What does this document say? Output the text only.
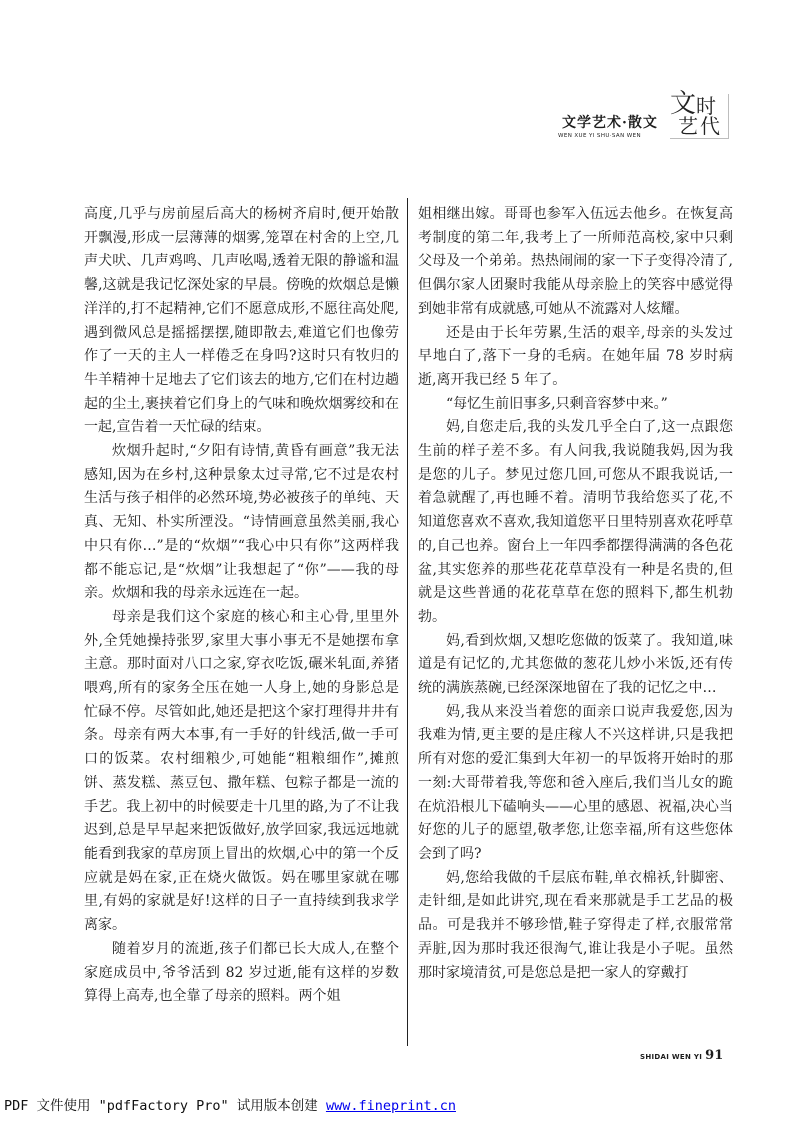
文学艺术·散文
WEN XUE YI SHU·SAN WEN
文 时
艺 代

高度,几乎与房前屋后高大的杨树齐肩时,便开始散开飘漫,形成一层薄薄的烟雾,笼罩在村舍的上空,几声犬吠、几声鸡鸣、几声吆喝,透着无限的静谧和温馨,这就是我记忆深处家的早晨。傍晚的炊烟总是懒洋洋的,打不起精神,它们不愿意成形,不愿往高处爬,遇到微风总是摇摇摆摆,随即散去,难道它们也像劳作了一天的主人一样倦乏在身吗?这时只有牧归的牛羊精神十足地去了它们该去的地方,它们在村边趟起的尘土,裹挟着它们身上的气味和晚炊烟雾绞和在一起,宣告着一天忙碌的结束。

炊烟升起时,“夕阳有诗情,黄昏有画意”我无法感知,因为在乡村,这种景象太过寻常,它不过是农村生活与孩子相伴的必然环境,势必被孩子的单纯、天真、无知、朴实所湮没。“诗情画意虽然美丽,我心中只有你…”是的“炊烟”“我心中只有你”这两样我都不能忘记,是“炊烟”让我想起了“你”——我的母亲。炊烟和我的母亲永远连在一起。

母亲是我们这个家庭的核心和主心骨,里里外外,全凭她操持张罗,家里大事小事无不是她摆布拿主意。那时面对八口之家,穿衣吃饭,碾米轧面,养猪喂鸡,所有的家务全压在她一人身上,她的身影总是忙碌不停。尽管如此,她还是把这个家打理得井井有条。母亲有两大本事,有一手好的针线活,做一手可口的饭菜。农村细粮少,可她能“粗粮细作”,摊煎饼、蒸发糕、蒸豆包、撒年糕、包粽子都是一流的手艺。我上初中的时候要走十几里的路,为了不让我迟到,总是早早起来把饭做好,放学回家,我远远地就能看到我家的草房顶上冒出的炊烟,心中的第一个反应就是妈在家,正在烧火做饭。妈在哪里家就在哪里,有妈的家就是好!这样的日子一直持续到我求学离家。

随着岁月的流逝,孩子们都已长大成人,在整个家庭成员中,爷爷活到 82 岁过逝,能有这样的岁数算得上高寿,也全靠了母亲的照料。两个姐

姐相继出嫁。哥哥也参军入伍远去他乡。在恢复高考制度的第二年,我考上了一所师范高校,家中只剩父母及一个弟弟。热热闹闹的家一下子变得冷清了,但偶尔家人团聚时我能从母亲脸上的笑容中感觉得到她非常有成就感,可她从不流露对人炫耀。

还是由于长年劳累,生活的艰辛,母亲的头发过早地白了,落下一身的毛病。在她年届 78 岁时病逝,离开我已经 5 年了。

“每忆生前旧事多,只剩音容梦中来。”

妈,自您走后,我的头发几乎全白了,这一点跟您生前的样子差不多。有人问我,我说随我妈,因为我是您的儿子。梦见过您几回,可您从不跟我说话,一着急就醒了,再也睡不着。清明节我给您买了花,不知道您喜欢不喜欢,我知道您平日里特别喜欢花呼草的,自己也养。窗台上一年四季都摆得满满的各色花盆,其实您养的那些花花草草没有一种是名贵的,但就是这些普通的花花草草在您的照料下,都生机勃勃。

妈,看到炊烟,又想吃您做的饭菜了。我知道,味道是有记忆的,尤其您做的葱花儿炒小米饭,还有传统的满族蒸碗,已经深深地留在了我的记忆之中…

妈,我从来没当着您的面亲口说声我爱您,因为我难为情,更主要的是庄稼人不兴这样讲,只是我把所有对您的爱汇集到大年初一的早饭将开始时的那一刻:大哥带着我,等您和爸入座后,我们当儿女的跪在炕沿根儿下磕响头——心里的感恩、祝福,决心当好您的儿子的愿望,敬孝您,让您幸福,所有这些您体会到了吗?

妈,您给我做的千层底布鞋,单衣棉袄,针脚密、走针细,是如此讲究,现在看来那就是手工艺品的极品。可是我并不够珍惜,鞋子穿得走了样,衣服常常弄脏,因为那时我还很淘气,谁让我是小子呢。虽然那时家境清贫,可是您总是把一家人的穿戴打

SHIDAI WEN YI 91
PDF 文件使用 "pdfFactory Pro" 试用版本创建 www.fineprint.cn
